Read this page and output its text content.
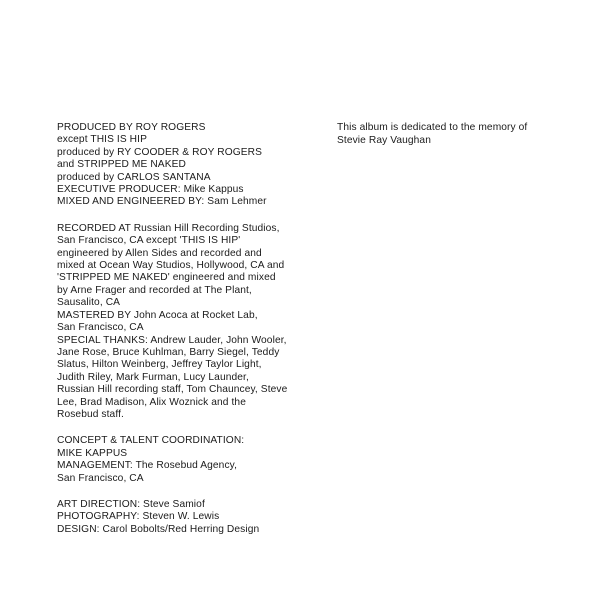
PRODUCED BY ROY ROGERS
except THIS IS HIP
produced by RY COODER & ROY ROGERS
and STRIPPED ME NAKED
produced by CARLOS SANTANA
EXECUTIVE PRODUCER: Mike Kappus
MIXED AND ENGINEERED BY: Sam Lehmer
RECORDED AT Russian Hill Recording Studios,
San Francisco, CA except 'THIS IS HIP'
engineered by Allen Sides and recorded and
mixed at Ocean Way Studios, Hollywood, CA and
'STRIPPED ME NAKED' engineered and mixed
by Arne Frager and recorded at The Plant,
Sausalito, CA
MASTERED BY John Acoca at Rocket Lab,
San Francisco, CA
SPECIAL THANKS: Andrew Lauder, John Wooler,
Jane Rose, Bruce Kuhlman, Barry Siegel, Teddy
Slatus, Hilton Weinberg, Jeffrey Taylor Light,
Judith Riley, Mark Furman, Lucy Launder,
Russian Hill recording staff, Tom Chauncey, Steve
Lee, Brad Madison, Alix Woznick and the
Rosebud staff.
CONCEPT & TALENT COORDINATION:
MIKE KAPPUS
MANAGEMENT: The Rosebud Agency,
San Francisco, CA
ART DIRECTION: Steve Samiof
PHOTOGRAPHY: Steven W. Lewis
DESIGN: Carol Bobolts/Red Herring Design
This album is dedicated to the memory of
Stevie Ray Vaughan
